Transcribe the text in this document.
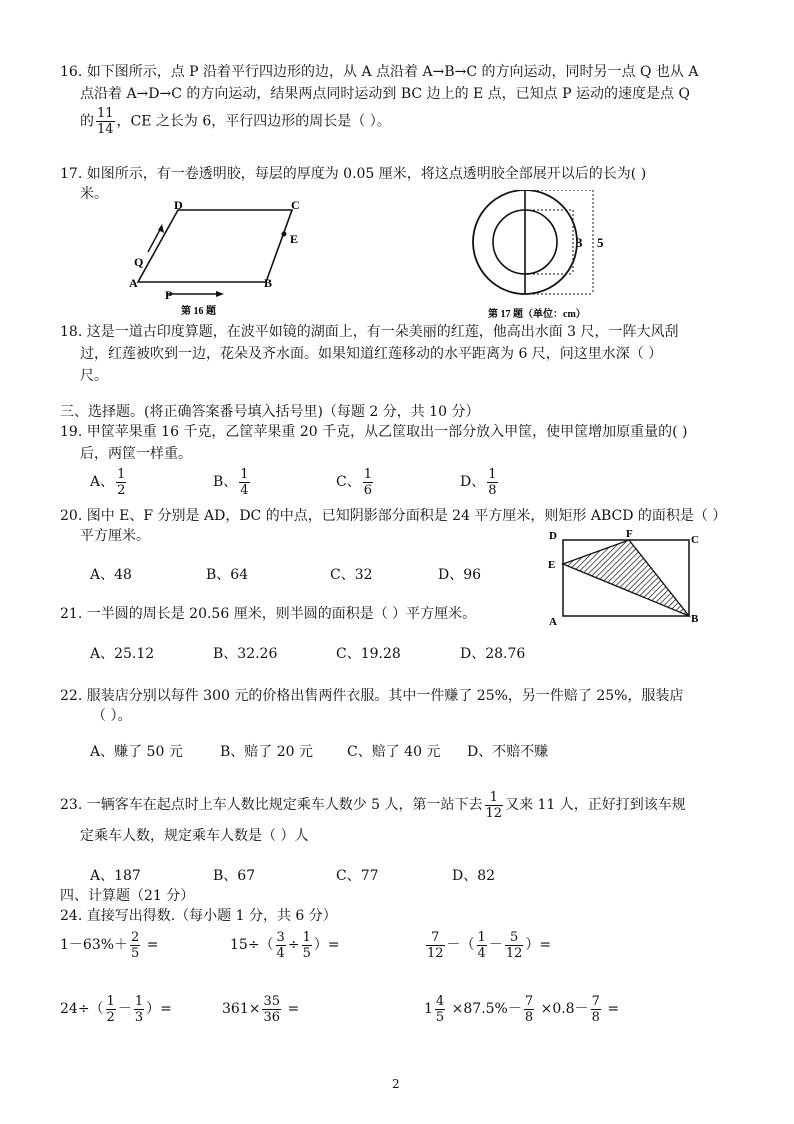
16. 如下图所示，点 P 沿着平行四边形的边，从 A 点沿着 A→B→C 的方向运动，同时另一点 Q 也从 A
点沿着 A→D→C 的方向运动，结果两点同时运动到 BC 边上的 E 点，已知点 P 运动的速度是点 Q
的 $\frac{11}{14}$ ，CE 之长为 6，平行四边形的周长是（ ）。
17. 如图所示，有一卷透明胶，每层的厚度为 0.05 厘米，将这点透明胶全部展开以后的长为( )
米。
D	C
E
Q
A	B
P
第 16 题
3 5
第 17 题（单位：cm）
18. 这是一道古印度算题，在波平如镜的湖面上，有一朵美丽的红莲，他高出水面 3 尺，一阵大风刮
过，红莲被吹到一边，花朵及齐水面。如果知道红莲移动的水平距离为 6 尺，问这里水深（ ）
尺。
三、选择题。(将正确答案番号填入括号里)（每题 2 分，共 10 分）
19. 甲筐苹果重 16 千克，乙筐苹果重 20 千克，从乙筐取出一部分放入甲筐，使甲筐增加原重量的( )
后，两筐一样重。
A、 $\frac{1}{2}$	B、 $\frac{1}{4}$	C、 $\frac{1}{6}$	D、 $\frac{1}{8}$
20. 图中 E、F 分别是 AD，DC 的中点，已知阴影部分面积是 24 平方厘米，则矩形 ABCD 的面积是（ ）
平方厘米。
A、48	B、64	C、32	D、96
D	F	C
E
A	B
21. 一半圆的周长是 20.56 厘米，则半圆的面积是（ ）平方厘米。
A、25.12	B、32.26	C、19.28	D、28.76
22. 服装店分别以每件 300 元的价格出售两件衣服。其中一件赚了 25%，另一件赔了 25%，服装店
（ ）。
A、赚了 50 元	B、赔了 20 元 C、赔了 40 元 D、不赔不赚
23. 一辆客车在起点时上车人数比规定乘车人数少 5 人，第一站下去 $\frac{1}{12}$ 又来 11 人，正好打到该车规
定乘车人数，规定乘车人数是（ ）人
A、187	B、67	C、77	D、82
四、计算题（21 分）
24. 直接写出得数.（每小题 1 分，共 6 分）
$1-63\%+ \frac{2}{5}$ =	$15\div( \frac{3}{4} \div \frac{1}{5}$ ）=	$\frac{7}{12}$ －（ $\frac{1}{4} - \frac{5}{12}$ ）=
$24\div( \frac{1}{2} - \frac{1}{3}$ ）=	$361\times \frac{35}{36}$ =	$1 \frac{4}{5} \times 87.5\%- \frac{7}{8} \times 0.8- \frac{7}{8}$ =
2
